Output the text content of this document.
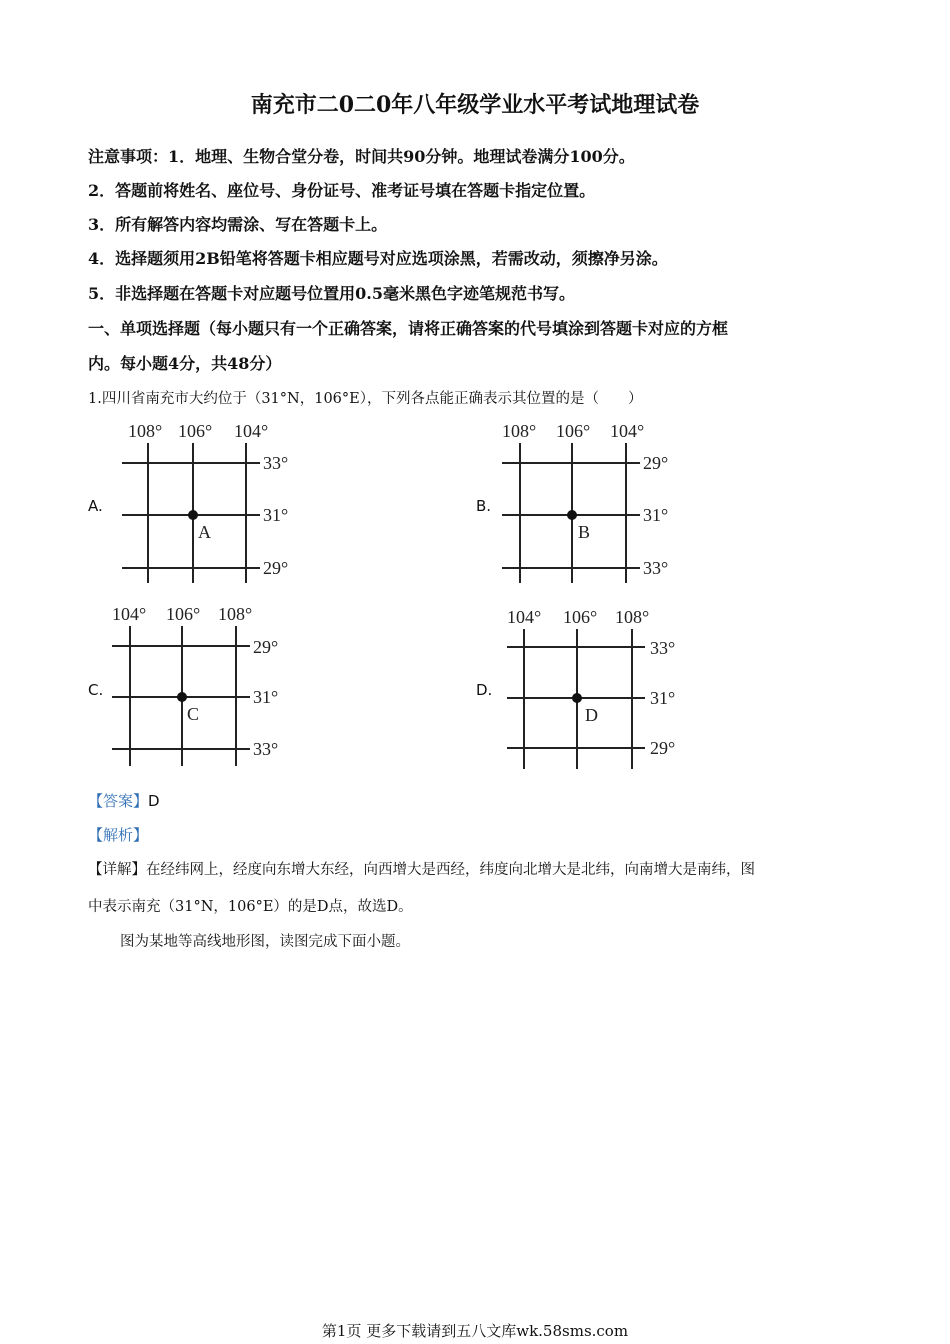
南充市二0二0年八年级学业水平考试地理试卷
注意事项：1．地理、生物合堂分卷，时间共90分钟。地理试卷满分100分。
2．答题前将姓名、座位号、身份证号、准考证号填在答题卡指定位置。
3．所有解答内容均需涂、写在答题卡上。
4．选择题须用2B铅笔将答题卡相应题号对应选项涂黑，若需改动，须擦净另涂。
5．非选择题在答题卡对应题号位置用0.5毫米黑色字迹笔规范书写。
一、单项选择题（每小题只有一个正确答案，请将正确答案的代号填涂到答题卡对应的方框
内。每小题4分，共48分）
1.四川省南充市大约位于（31°N，106°E），下列各点能正确表示其位置的是（　　）
A.
108° 106° 104°
33°
31°
29°
A
B.
108° 106° 104°
29°
31°
33°
B
C.
104° 106° 108°
29°
31°
33°
C
D.
104° 106° 108°
33°
31°
29°
D
【答案】D
【解析】
【详解】在经纬网上，经度向东增大东经，向西增大是西经，纬度向北增大是北纬，向南增大是南纬，图
中表示南充（31°N，106°E）的是D点，故选D。
图为某地等高线地形图，读图完成下面小题。
第1页 更多下载请到五八文库wk.58sms.com
